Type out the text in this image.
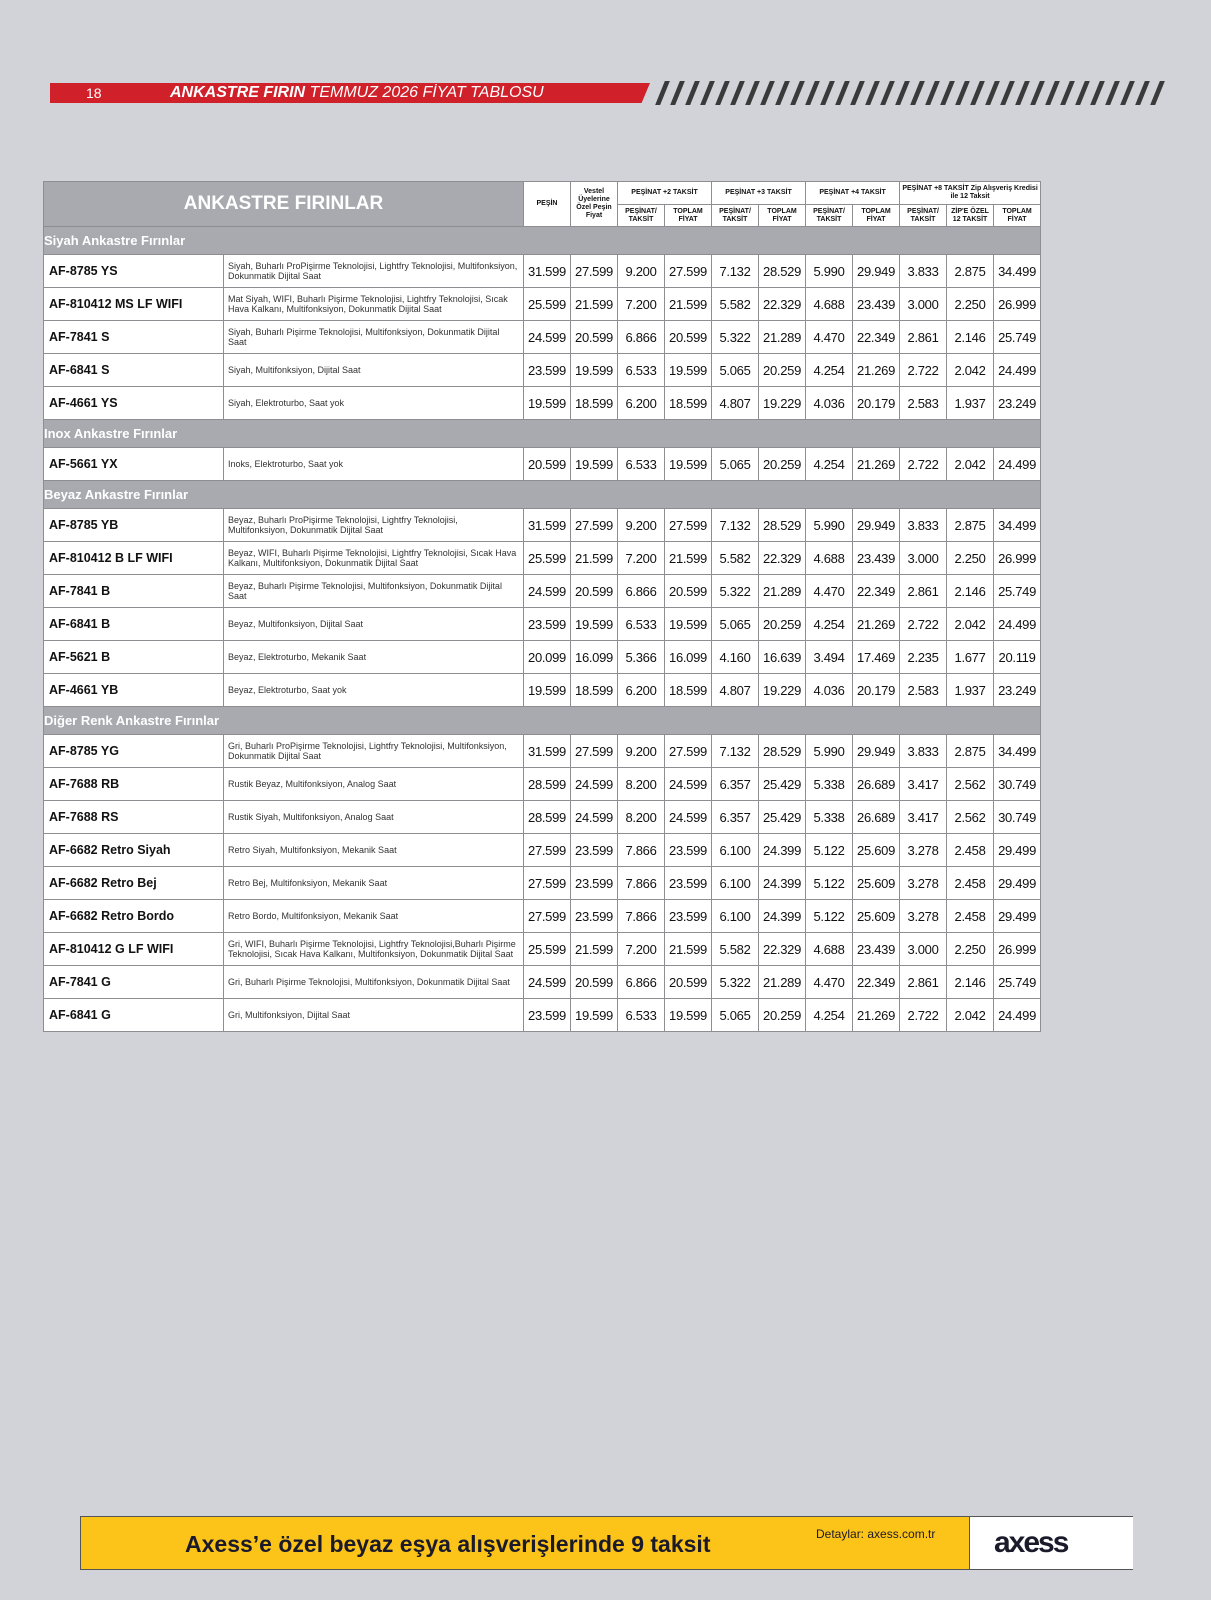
18	ANKASTRE FIRIN TEMMUZ 2026 FİYAT TABLOSU
ANKASTRE FIRINLAR		PEŞİN	Vestel Üyelerine Özel Peşin Fiyat	PEŞİNAT +2 TAKSİT		PEŞİNAT +3 TAKSİT		PEŞİNAT +4 TAKSİT		PEŞİNAT +8 TAKSİT Zip Alışveriş Kredisi ile 12 Taksit		
				PEŞİNAT/ TAKSİT	TOPLAM FİYAT	PEŞİNAT/ TAKSİT	TOPLAM FİYAT	PEŞİNAT/ TAKSİT	TOPLAM FİYAT	PEŞİNAT/ TAKSİT	ZİP'E ÖZEL 12 TAKSİT	TOPLAM FİYAT
Siyah Ankastre Fırınlar												
AF-8785 YS	Siyah, Buharlı ProPişirme Teknolojisi, Lightfry Teknolojisi, Multifonksiyon, Dokunmatik Dijital Saat	31.599	27.599	9.200	27.599	7.132	28.529	5.990	29.949	3.833	2.875	34.499
AF-810412 MS LF WIFI	Mat Siyah, WIFI, Buharlı Pişirme Teknolojisi, Lightfry Teknolojisi, Sıcak Hava Kalkanı, Multifonksiyon, Dokunmatik Dijital Saat	25.599	21.599	7.200	21.599	5.582	22.329	4.688	23.439	3.000	2.250	26.999
AF-7841 S	Siyah, Buharlı Pişirme Teknolojisi, Multifonksiyon, Dokunmatik Dijital Saat	24.599	20.599	6.866	20.599	5.322	21.289	4.470	22.349	2.861	2.146	25.749
AF-6841 S	Siyah, Multifonksiyon, Dijital Saat	23.599	19.599	6.533	19.599	5.065	20.259	4.254	21.269	2.722	2.042	24.499
AF-4661 YS	Siyah, Elektroturbo, Saat yok	19.599	18.599	6.200	18.599	4.807	19.229	4.036	20.179	2.583	1.937	23.249
Inox Ankastre Fırınlar												
AF-5661 YX	Inoks, Elektroturbo, Saat yok	20.599	19.599	6.533	19.599	5.065	20.259	4.254	21.269	2.722	2.042	24.499
Beyaz Ankastre Fırınlar												
AF-8785 YB	Beyaz, Buharlı ProPişirme Teknolojisi, Lightfry Teknolojisi, Multifonksiyon, Dokunmatik Dijital Saat	31.599	27.599	9.200	27.599	7.132	28.529	5.990	29.949	3.833	2.875	34.499
AF-810412 B LF WIFI	Beyaz, WIFI, Buharlı Pişirme Teknolojisi, Lightfry Teknolojisi, Sıcak Hava Kalkanı, Multifonksiyon, Dokunmatik Dijital Saat	25.599	21.599	7.200	21.599	5.582	22.329	4.688	23.439	3.000	2.250	26.999
AF-7841 B	Beyaz, Buharlı Pişirme Teknolojisi, Multifonksiyon, Dokunmatik Dijital Saat	24.599	20.599	6.866	20.599	5.322	21.289	4.470	22.349	2.861	2.146	25.749
AF-6841 B	Beyaz, Multifonksiyon, Dijital Saat	23.599	19.599	6.533	19.599	5.065	20.259	4.254	21.269	2.722	2.042	24.499
AF-5621 B	Beyaz, Elektroturbo, Mekanik Saat	20.099	16.099	5.366	16.099	4.160	16.639	3.494	17.469	2.235	1.677	20.119
AF-4661 YB	Beyaz, Elektroturbo, Saat yok	19.599	18.599	6.200	18.599	4.807	19.229	4.036	20.179	2.583	1.937	23.249
Diğer Renk Ankastre Fırınlar												
AF-8785 YG	Gri, Buharlı ProPişirme Teknolojisi, Lightfry Teknolojisi, Multifonksiyon, Dokunmatik Dijital Saat	31.599	27.599	9.200	27.599	7.132	28.529	5.990	29.949	3.833	2.875	34.499
AF-7688 RB	Rustik Beyaz, Multifonksiyon, Analog Saat	28.599	24.599	8.200	24.599	6.357	25.429	5.338	26.689	3.417	2.562	30.749
AF-7688 RS	Rustik Siyah, Multifonksiyon, Analog Saat	28.599	24.599	8.200	24.599	6.357	25.429	5.338	26.689	3.417	2.562	30.749
AF-6682 Retro Siyah	Retro Siyah, Multifonksiyon, Mekanik Saat	27.599	23.599	7.866	23.599	6.100	24.399	5.122	25.609	3.278	2.458	29.499
AF-6682 Retro Bej	Retro Bej, Multifonksiyon, Mekanik Saat	27.599	23.599	7.866	23.599	6.100	24.399	5.122	25.609	3.278	2.458	29.499
AF-6682 Retro Bordo	Retro Bordo, Multifonksiyon, Mekanik Saat	27.599	23.599	7.866	23.599	6.100	24.399	5.122	25.609	3.278	2.458	29.499
AF-810412 G LF WIFI	Gri, WIFI, Buharlı Pişirme Teknolojisi, Lightfry Teknolojisi,Buharlı Pişirme Teknolojisi, Sıcak Hava Kalkanı, Multifonksiyon, Dokunmatik Dijital Saat	25.599	21.599	7.200	21.599	5.582	22.329	4.688	23.439	3.000	2.250	26.999
AF-7841 G	Gri, Buharlı Pişirme Teknolojisi, Multifonksiyon, Dokunmatik Dijital Saat	24.599	20.599	6.866	20.599	5.322	21.289	4.470	22.349	2.861	2.146	25.749
AF-6841 G	Gri, Multifonksiyon, Dijital Saat	23.599	19.599	6.533	19.599	5.065	20.259	4.254	21.269	2.722	2.042	24.499
Axess’e özel beyaz eşya alışverişlerinde 9 taksit	Detaylar: axess.com.tr axess
